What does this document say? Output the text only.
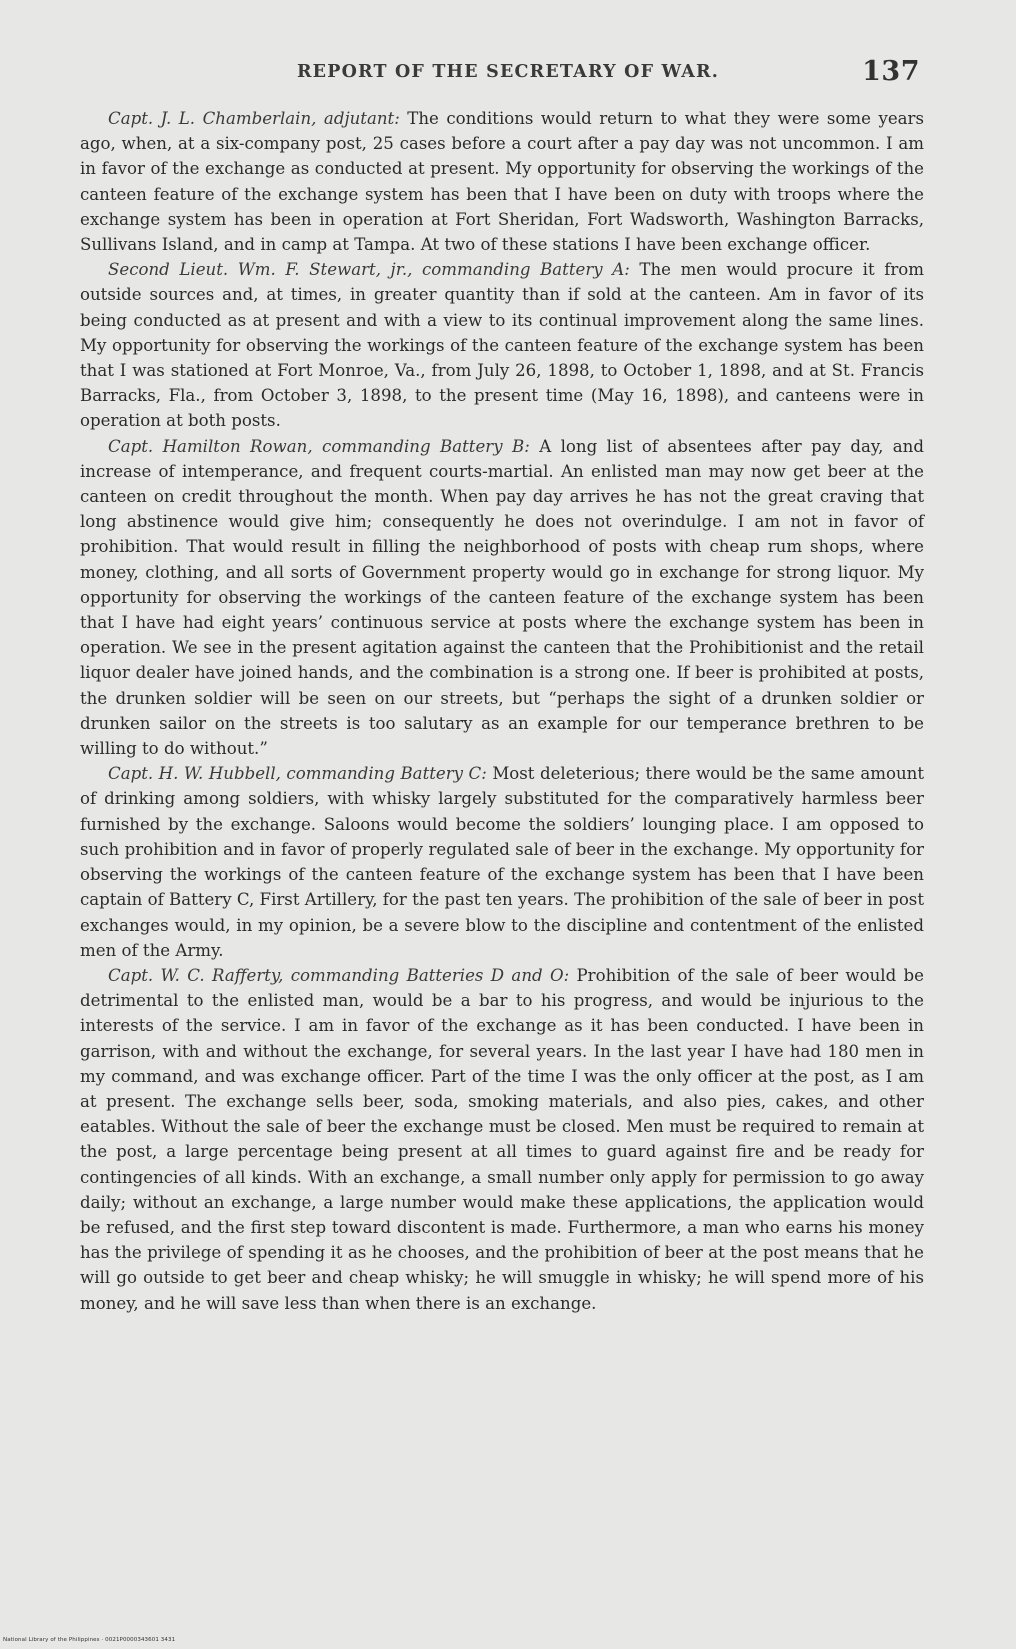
REPORT OF THE SECRETARY OF WAR.	137

Capt. J. L. Chamberlain, adjutant: The conditions would return to what they were some years ago, when, at a six-company post, 25 cases before a court after a pay day was not uncommon. I am in favor of the exchange as conducted at present. My opportunity for observing the workings of the canteen feature of the exchange system has been that I have been on duty with troops where the exchange system has been in operation at Fort Sheridan, Fort Wadsworth, Washington Barracks, Sullivans Island, and in camp at Tampa. At two of these stations I have been exchange officer.

Second Lieut. Wm. F. Stewart, jr., commanding Battery A: The men would procure it from outside sources and, at times, in greater quantity than if sold at the canteen. Am in favor of its being conducted as at present and with a view to its continual improvement along the same lines. My opportunity for observing the workings of the canteen feature of the exchange system has been that I was stationed at Fort Monroe, Va., from July 26, 1898, to October 1, 1898, and at St. Francis Barracks, Fla., from October 3, 1898, to the present time (May 16, 1898), and canteens were in operation at both posts.

Capt. Hamilton Rowan, commanding Battery B: A long list of absentees after pay day, and increase of intemperance, and frequent courts-martial. An enlisted man may now get beer at the canteen on credit throughout the month. When pay day arrives he has not the great craving that long abstinence would give him; consequently he does not overindulge. I am not in favor of prohibition. That would result in filling the neighborhood of posts with cheap rum shops, where money, clothing, and all sorts of Government property would go in exchange for strong liquor. My opportunity for observing the workings of the canteen feature of the exchange system has been that I have had eight years’ continuous service at posts where the exchange system has been in operation. We see in the present agitation against the canteen that the Prohibitionist and the retail liquor dealer have joined hands, and the combination is a strong one. If beer is prohibited at posts, the drunken soldier will be seen on our streets, but “perhaps the sight of a drunken soldier or drunken sailor on the streets is too salutary as an example for our temperance brethren to be willing to do without.”

Capt. H. W. Hubbell, commanding Battery C: Most deleterious; there would be the same amount of drinking among soldiers, with whisky largely substituted for the comparatively harmless beer furnished by the exchange. Saloons would become the soldiers’ lounging place. I am opposed to such prohibition and in favor of properly regulated sale of beer in the exchange. My opportunity for observing the workings of the canteen feature of the exchange system has been that I have been captain of Battery C, First Artillery, for the past ten years. The prohibition of the sale of beer in post exchanges would, in my opinion, be a severe blow to the discipline and contentment of the enlisted men of the Army.

Capt. W. C. Rafferty, commanding Batteries D and O: Prohibition of the sale of beer would be detrimental to the enlisted man, would be a bar to his progress, and would be injurious to the interests of the service. I am in favor of the exchange as it has been conducted. I have been in garrison, with and without the exchange, for several years. In the last year I have had 180 men in my command, and was exchange officer. Part of the time I was the only officer at the post, as I am at present. The exchange sells beer, soda, smoking materials, and also pies, cakes, and other eatables. Without the sale of beer the exchange must be closed. Men must be required to remain at the post, a large percentage being present at all times to guard against fire and be ready for contingencies of all kinds. With an exchange, a small number only apply for permission to go away daily; without an exchange, a large number would make these applications, the application would be refused, and the first step toward discontent is made. Furthermore, a man who earns his money has the privilege of spending it as he chooses, and the prohibition of beer at the post means that he will go outside to get beer and cheap whisky; he will smuggle in whisky; he will spend more of his money, and he will save less than when there is an exchange.

National Library of the Philippines · 0021P0000343601 3431
